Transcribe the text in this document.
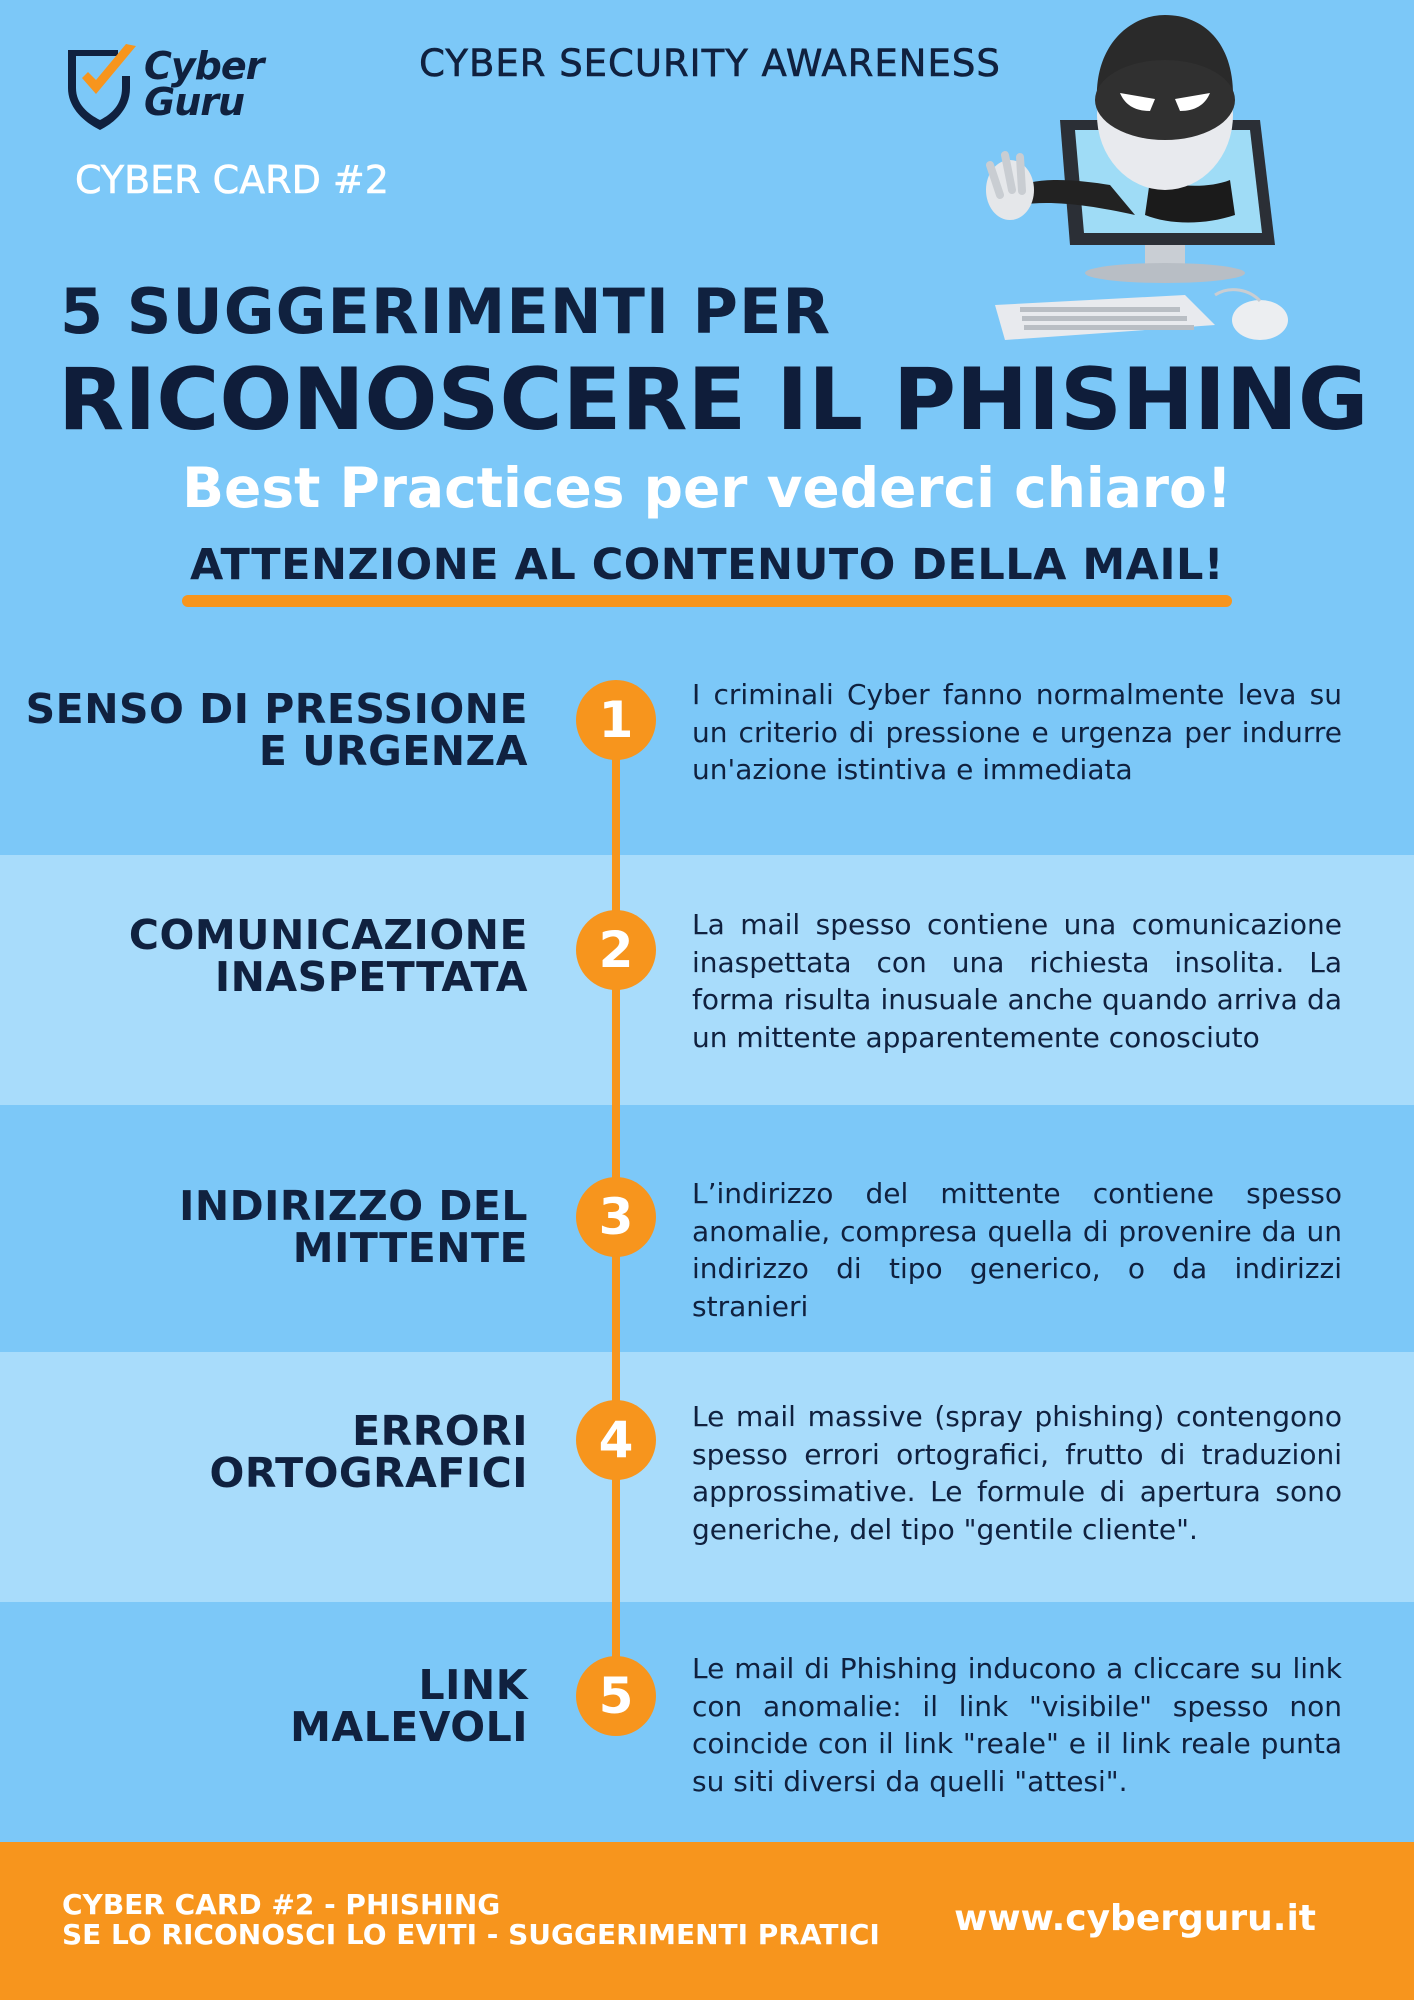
Cyber
Guru
CYBER SECURITY AWARENESS
CYBER CARD #2
5 SUGGERIMENTI PER
RICONOSCERE IL PHISHING
Best Practices per vederci chiaro!
ATTENZIONE AL CONTENUTO DELLA MAIL!
SENSO DI PRESSIONE
E URGENZA
1	I criminali Cyber fanno normalmente leva su un criterio di pressione e urgenza per indurre un'azione istintiva e immediata
COMUNICAZIONE
INASPETTATA	2	La mail spesso contiene una comunicazione inaspettata con una richiesta insolita. La forma risulta inusuale anche quando arriva da un mittente apparentemente conosciuto
INDIRIZZO DEL
MITTENTE
3	L’indirizzo del mittente contiene spesso anomalie, compresa quella di provenire da un indirizzo di tipo generico, o da indirizzi stranieri
ERRORI
ORTOGRAFICI
4	Le mail massive (spray phishing) contengono spesso errori ortografici, frutto di traduzioni approssimative. Le formule di apertura sono generiche, del tipo "gentile cliente".
LINK
MALEVOLI
5	Le mail di Phishing inducono a cliccare su link con anomalie: il link "visibile" spesso non coincide con il link "reale" e il link reale punta su siti diversi da quelli "attesi".
CYBER CARD #2 - PHISHING
SE LO RICONOSCI LO EVITI - SUGGERIMENTI PRATICI www.cyberguru.it
